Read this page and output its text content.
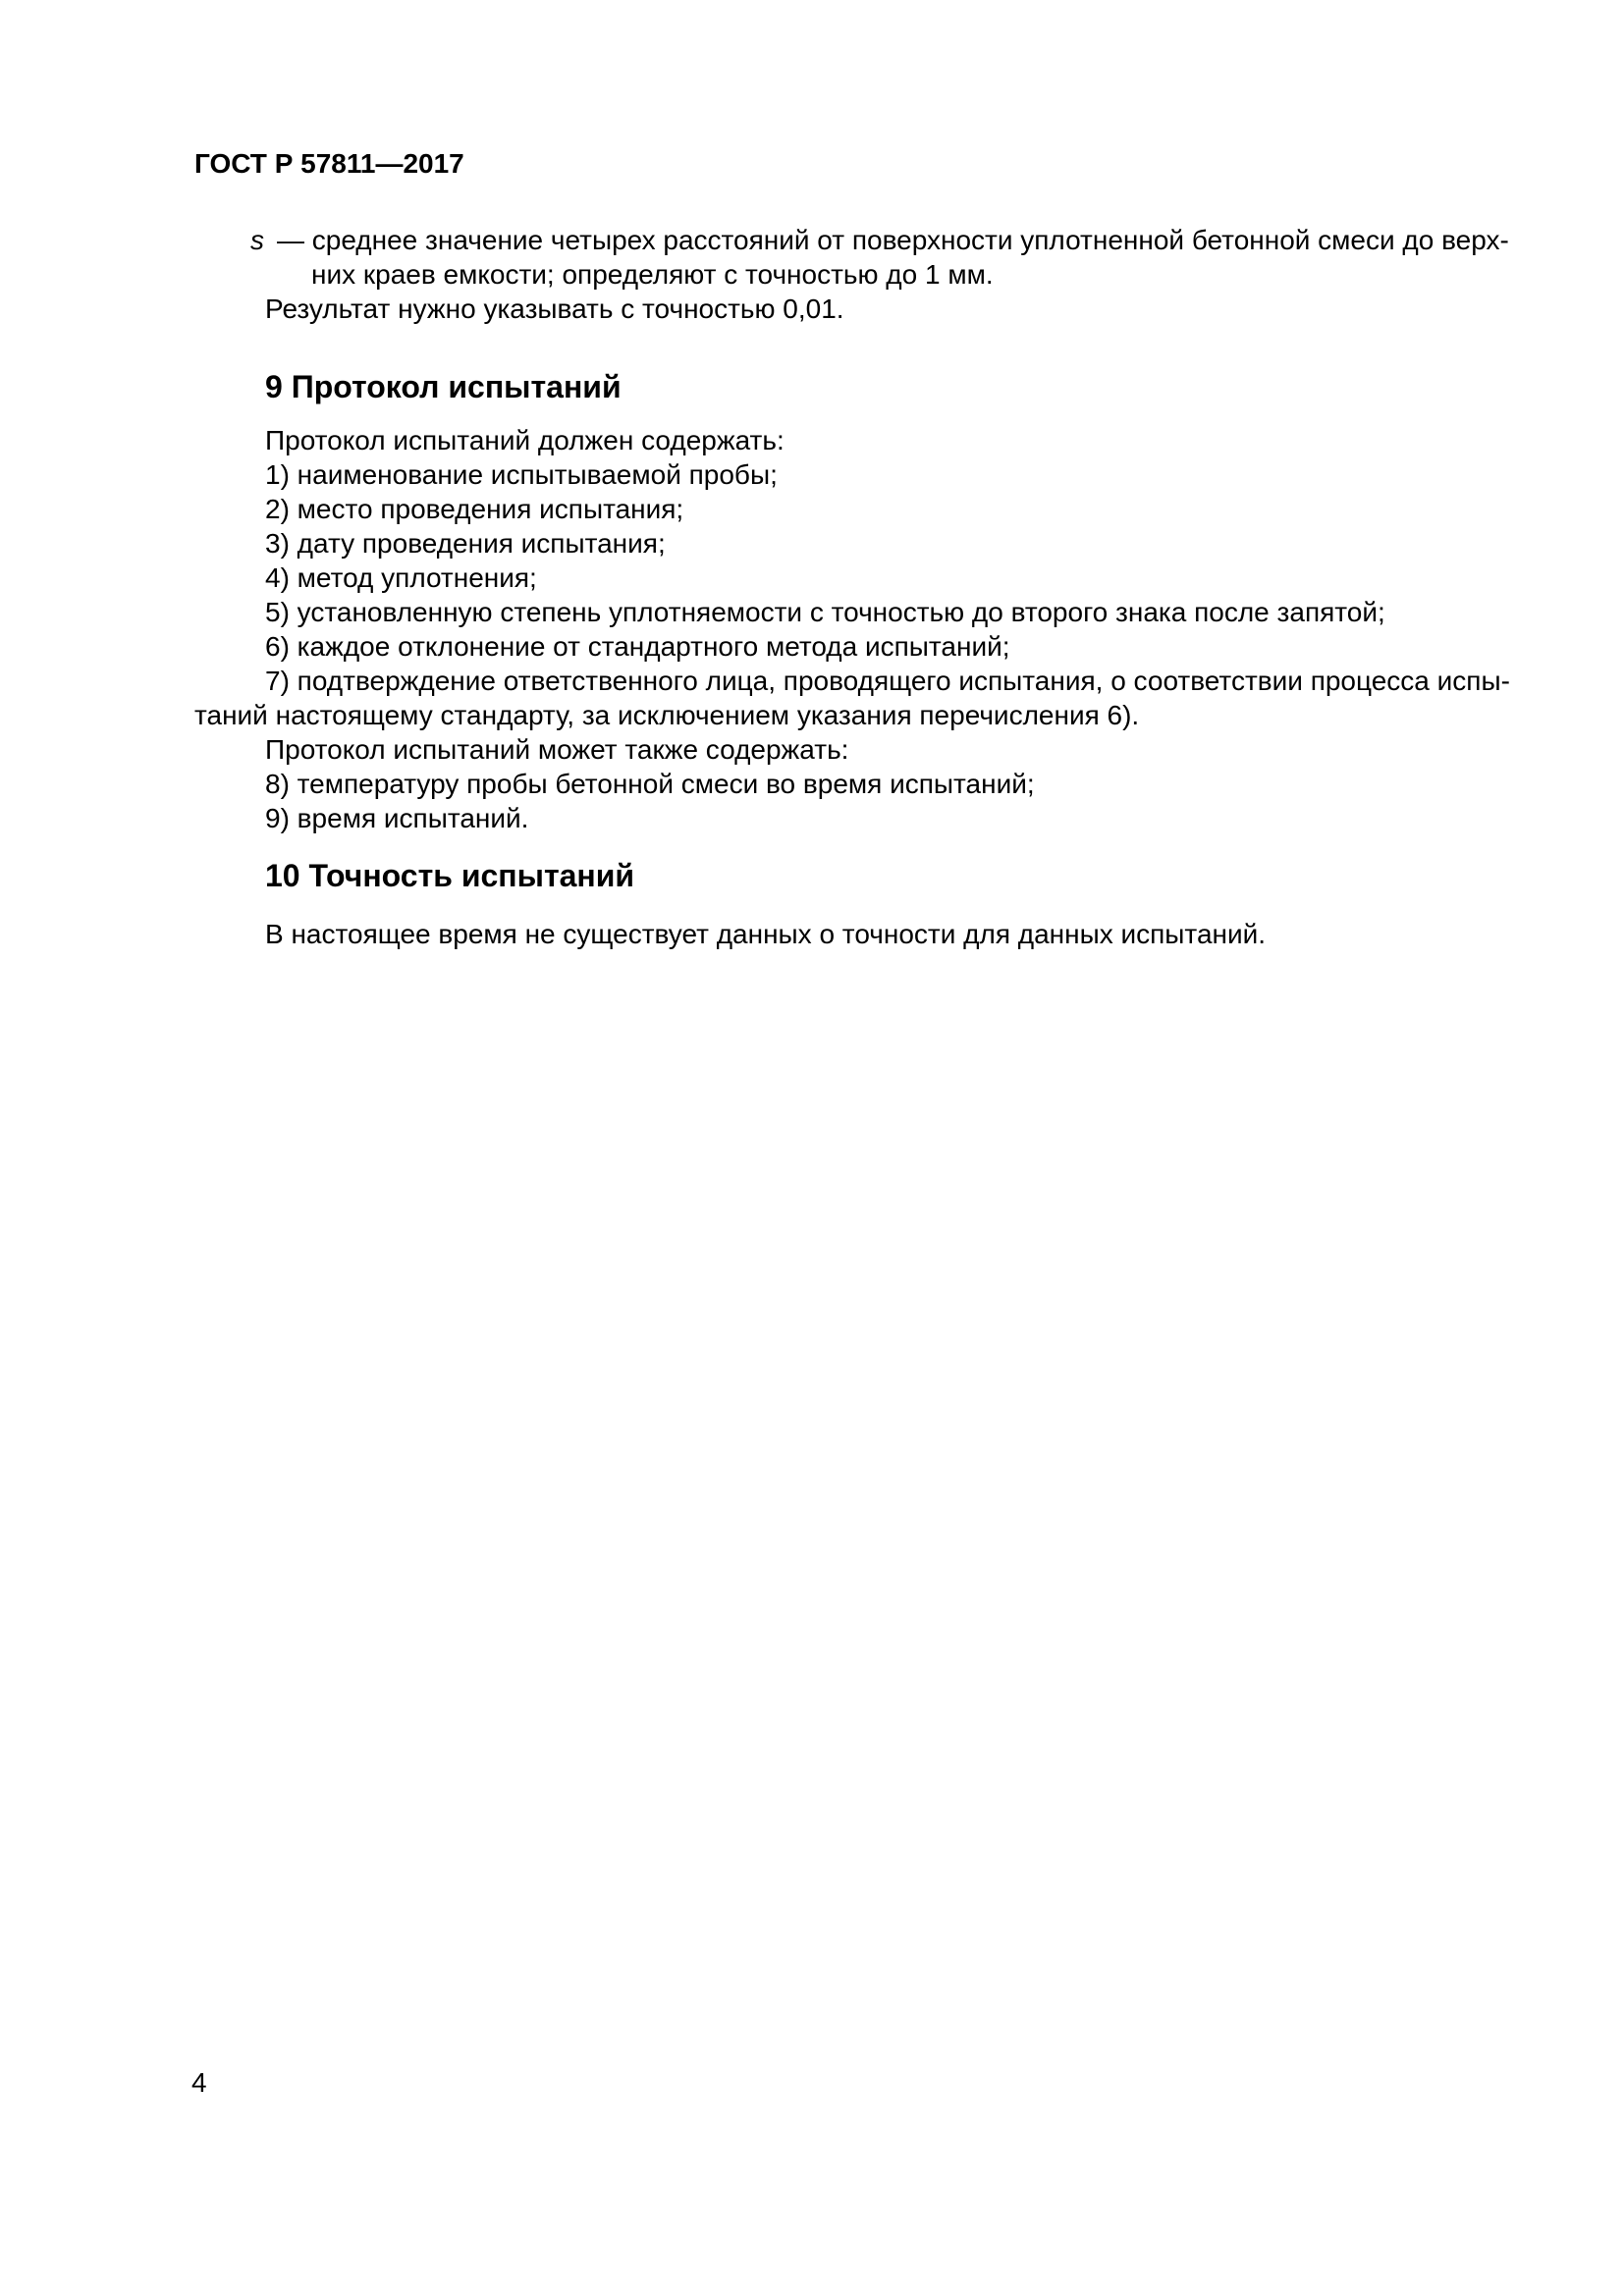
ГОСТ Р 57811—2017
s — среднее значение четырех расстояний от поверхности уплотненной бетонной смеси до верх-
них краев емкости; определяют с точностью до 1 мм.
Результат нужно указывать с точностью 0,01.
9 Протокол испытаний
Протокол испытаний должен содержать:
1) наименование испытываемой пробы;
2) место проведения испытания;
3) дату проведения испытания;
4) метод уплотнения;
5) установленную степень уплотняемости с точностью до второго знака после запятой;
6) каждое отклонение от стандартного метода испытаний;
7) подтверждение ответственного лица, проводящего испытания, о соответствии процесса испы-
таний настоящему стандарту, за исключением указания перечисления 6).
Протокол испытаний может также содержать:
8) температуру пробы бетонной смеси во время испытаний;
9) время испытаний.
10 Точность испытаний
В настоящее время не существует данных о точности для данных испытаний.
4
